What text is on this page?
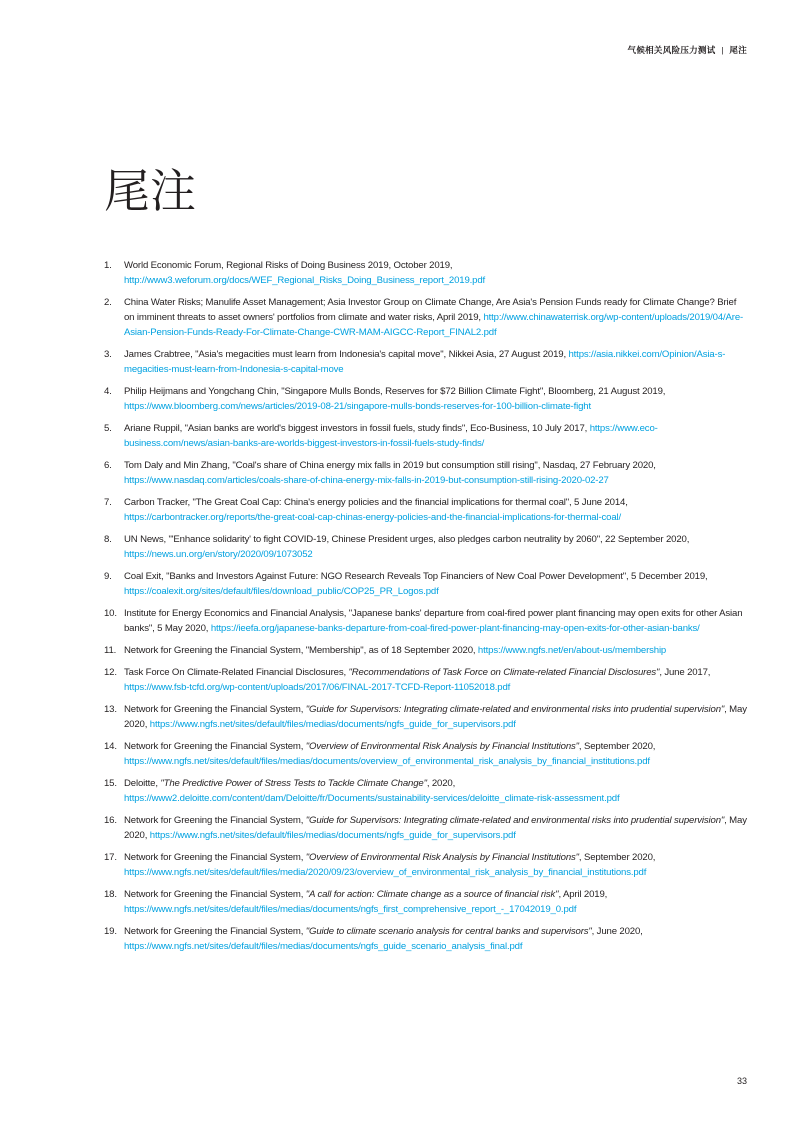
气候相关风险压力测试 | 尾注
尾注
1.	World Economic Forum, Regional Risks of Doing Business 2019, October 2019, http://www3.weforum.org/docs/WEF_Regional_Risks_Doing_Business_report_2019.pdf
2.	China Water Risks; Manulife Asset Management; Asia Investor Group on Climate Change, Are Asia's Pension Funds ready for Climate Change? Brief on imminent threats to asset owners' portfolios from climate and water risks, April 2019, http://www.chinawaterrisk.org/wp-content/uploads/2019/04/Are-Asian-Pension-Funds-Ready-For-Climate-Change-CWR-MAM-AIGCC-Report_FINAL2.pdf
3.	James Crabtree, "Asia's megacities must learn from Indonesia's capital move", Nikkei Asia, 27 August 2019, https://asia.nikkei.com/Opinion/Asia-s-megacities-must-learn-from-Indonesia-s-capital-move
4.	Philip Heijmans and Yongchang Chin, "Singapore Mulls Bonds, Reserves for $72 Billion Climate Fight", Bloomberg, 21 August 2019, https://www.bloomberg.com/news/articles/2019-08-21/singapore-mulls-bonds-reserves-for-100-billion-climate-fight
5.	Ariane Ruppil, "Asian banks are world's biggest investors in fossil fuels, study finds", Eco-Business, 10 July 2017, https://www.eco-business.com/news/asian-banks-are-worlds-biggest-investors-in-fossil-fuels-study-finds/
6.	Tom Daly and Min Zhang, "Coal's share of China energy mix falls in 2019 but consumption still rising", Nasdaq, 27 February 2020, https://www.nasdaq.com/articles/coals-share-of-china-energy-mix-falls-in-2019-but-consumption-still-rising-2020-02-27
7.	Carbon Tracker, "The Great Coal Cap: China's energy policies and the financial implications for thermal coal", 5 June 2014, https://carbontracker.org/reports/the-great-coal-cap-chinas-energy-policies-and-the-financial-implications-for-thermal-coal/
8.	UN News, "'Enhance solidarity' to fight COVID-19, Chinese President urges, also pledges carbon neutrality by 2060", 22 September 2020, https://news.un.org/en/story/2020/09/1073052
9.	Coal Exit, "Banks and Investors Against Future: NGO Research Reveals Top Financiers of New Coal Power Development", 5 December 2019, https://coalexit.org/sites/default/files/download_public/COP25_PR_Logos.pdf
10. Institute for Energy Economics and Financial Analysis, "Japanese banks' departure from coal-fired power plant financing may open exits for other Asian banks", 5 May 2020, https://ieefa.org/japanese-banks-departure-from-coal-fired-power-plant-financing-may-open-exits-for-other-asian-banks/
11. Network for Greening the Financial System, "Membership", as of 18 September 2020, https://www.ngfs.net/en/about-us/membership
12. Task Force On Climate-Related Financial Disclosures, "Recommendations of Task Force on Climate-related Financial Disclosures", June 2017, https://www.fsb-tcfd.org/wp-content/uploads/2017/06/FINAL-2017-TCFD-Report-11052018.pdf
13. Network for Greening the Financial System, "Guide for Supervisors: Integrating climate-related and environmental risks into prudential supervision", May 2020, https://www.ngfs.net/sites/default/files/medias/documents/ngfs_guide_for_supervisors.pdf
14. Network for Greening the Financial System, "Overview of Environmental Risk Analysis by Financial Institutions", September 2020, https://www.ngfs.net/sites/default/files/medias/documents/overview_of_environmental_risk_analysis_by_financial_institutions.pdf
15. Deloitte, "The Predictive Power of Stress Tests to Tackle Climate Change", 2020, https://www2.deloitte.com/content/dam/Deloitte/fr/Documents/sustainability-services/deloitte_climate-risk-assessment.pdf
16. Network for Greening the Financial System, "Guide for Supervisors: Integrating climate-related and environmental risks into prudential supervision", May 2020, https://www.ngfs.net/sites/default/files/medias/documents/ngfs_guide_for_supervisors.pdf
17. Network for Greening the Financial System, "Overview of Environmental Risk Analysis by Financial Institutions", September 2020, https://www.ngfs.net/sites/default/files/media/2020/09/23/overview_of_environmental_risk_analysis_by_financial_institutions.pdf
18. Network for Greening the Financial System, "A call for action: Climate change as a source of financial risk", April 2019, https://www.ngfs.net/sites/default/files/medias/documents/ngfs_first_comprehensive_report_-_17042019_0.pdf
19. Network for Greening the Financial System, "Guide to climate scenario analysis for central banks and supervisors", June 2020, https://www.ngfs.net/sites/default/files/medias/documents/ngfs_guide_scenario_analysis_final.pdf
33
